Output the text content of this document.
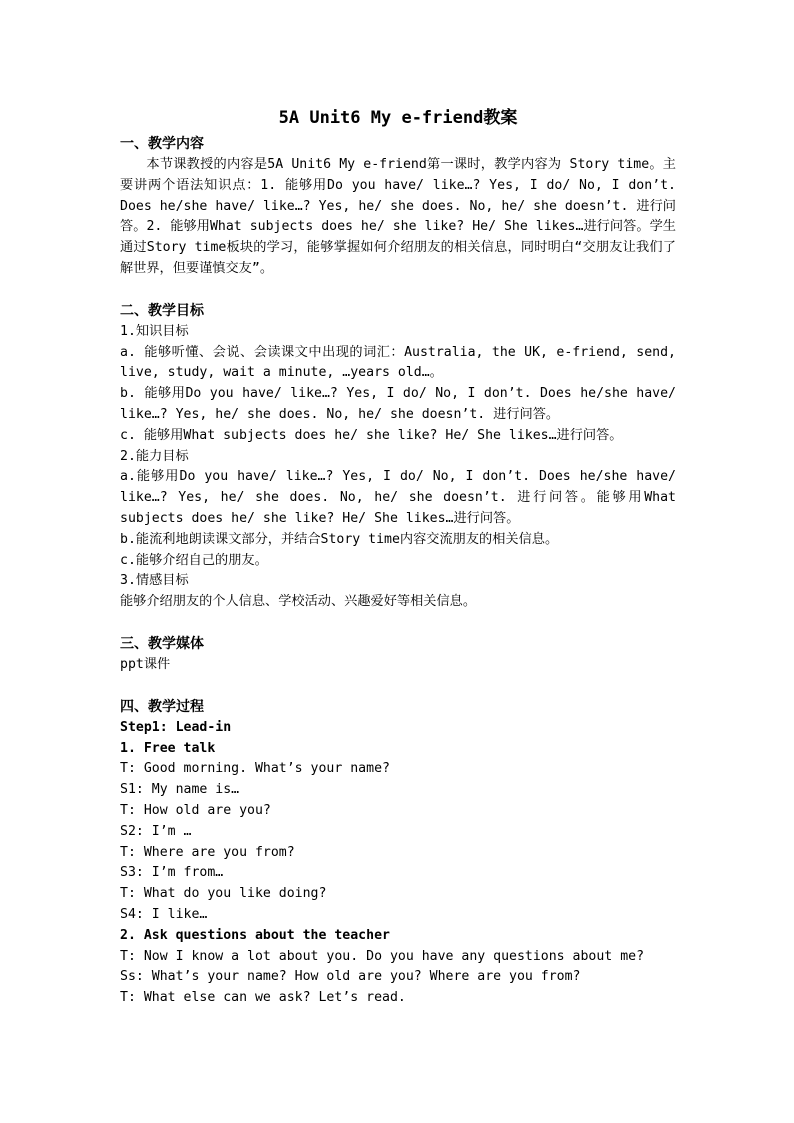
5A Unit6 My e-friend教案

一、教学内容

本节课教授的内容是5A Unit6 My e-friend第一课时，教学内容为 Story time。主要讲两个语法知识点：1. 能够用Do you have/ like…? Yes, I do/ No, I don’t. Does he/she have/ like…? Yes, he/ she does. No, he/ she doesn’t. 进行问答。2. 能够用What subjects does he/ she like? He/ She likes…进行问答。学生通过Story time板块的学习，能够掌握如何介绍朋友的相关信息，同时明白“交朋友让我们了解世界，但要谨慎交友”。

二、教学目标

1.知识目标

a. 能够听懂、会说、会读课文中出现的词汇：Australia, the UK, e-friend, send, live, study, wait a minute, …years old…。

b. 能够用Do you have/ like…? Yes, I do/ No, I don’t. Does he/she have/ like…? Yes, he/ she does. No, he/ she doesn’t. 进行问答。

c. 能够用What subjects does he/ she like? He/ She likes…进行问答。

2.能力目标

a.能够用Do you have/ like…? Yes, I do/ No, I don’t. Does he/she have/ like…? Yes, he/ she does. No, he/ she doesn’t. 进行问答。能够用What subjects does he/ she like? He/ She likes…进行问答。

b.能流利地朗读课文部分，并结合Story time内容交流朋友的相关信息。

c.能够介绍自己的朋友。

3.情感目标

能够介绍朋友的个人信息、学校活动、兴趣爱好等相关信息。

三、教学媒体

ppt课件

四、教学过程

Step1: Lead-in

1. Free talk

T: Good morning. What’s your name?

S1: My name is…

T: How old are you?

S2: I’m …

T: Where are you from?

S3: I’m from…

T: What do you like doing?

S4: I like…

2. Ask questions about the teacher

T: Now I know a lot about you. Do you have any questions about me?

Ss: What’s your name? How old are you? Where are you from?

T: What else can we ask? Let’s read.
